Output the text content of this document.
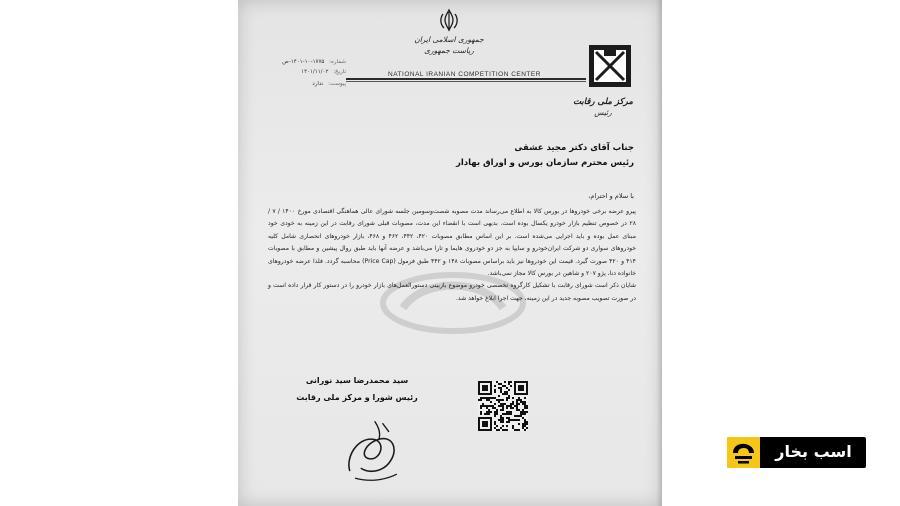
جمهوری اسلامی ایران
ریاست جمهوری
مرکز ملی رقابت
رئیس
NATIONAL IRANIAN COMPETITION CENTER
شماره: ۱۷۷۵-۱۰-۱۴۰۱-ص
تاریخ: ۱۴۰۱/۱۱/۰۲
پیوست: ندارد
جناب آقای دکتر مجید عشقی
رئیس محترم سازمان بورس و اوراق بهادار
با سلام و احترام،

پیرو عرضه برخی خودروها در بورس کالا به اطلاع می‌رساند مدت مصوبه شصت‌وسومین جلسه شورای عالی هماهنگی اقتصادی مورخ ۱۴۰۰ / ۷ / ۲۸ در خصوص تنظیم بازار خودرو یکسال بوده است. بدیهی است با انقضاء این مدت، مصوبات قبلی شورای رقابت در این زمینه به خودی خود مبنای عمل بوده و باید اجرایی می‌شده است. بر این اساس مطابق مصوبات ۴۲۰، ۴۴۲، ۴۶۲ و ۴۶۸، بازار خودروهای انحصاری شامل کلیه خودروهای سواری دو شرکت ایران‌خودرو و سایپا به جز دو خودروی هایما و تارا می‌باشد و عرضه آنها باید طبق روال پیشین و مطابق با مصوبات ۴۱۴ و ۴۲۰ صورت گیرد. قیمت این خودروها نیز باید براساس مصوبات ۱۴۸ و ۴۴۲ طبق فرمول (Price Cap) محاسبه گردد. فلذا عرضه خودروهای خانواده دنا، پژو ۲۰۷ و شاهین در بورس کالا مجاز نمی‌باشد.

شایان ذکر است شورای رقابت با تشکیل کارگروه تخصصی خودرو موضوع بازبینی دستورالعمل‌های بازار خودرو را در دستور کار قرار داده است و در صورت تصویب مصوبه جدید در این زمینه، جهت اجرا ابلاغ خواهد شد.

سید محمدرضا سید نورانی
رئیس شورا و مرکز ملی رقابت
اسب بخار
